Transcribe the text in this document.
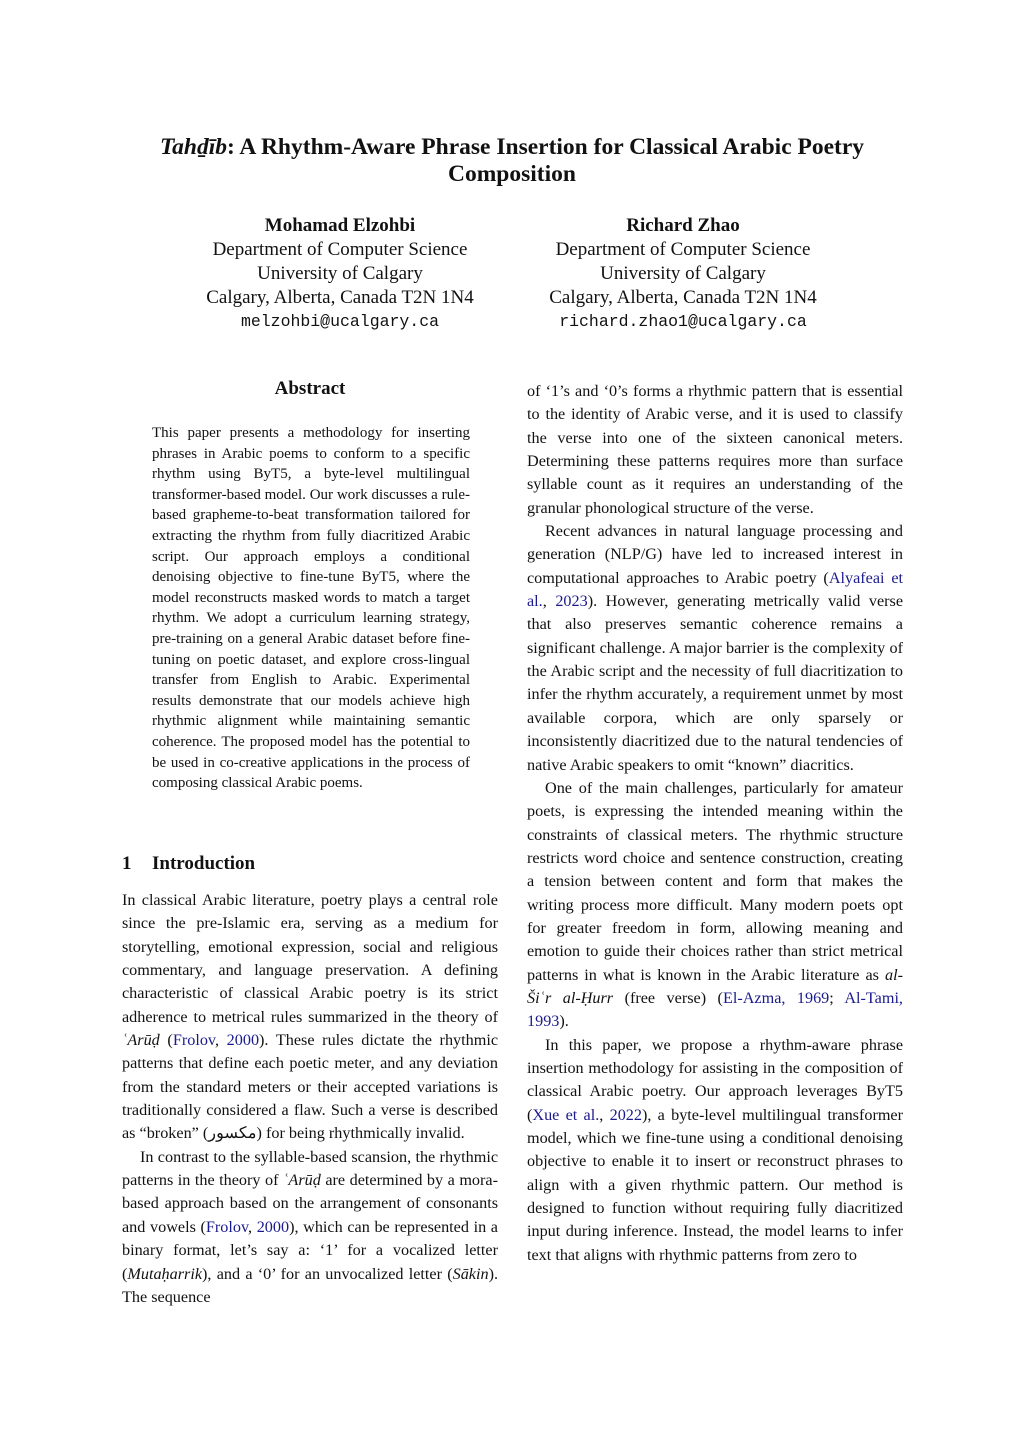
Tahḏīb: A Rhythm-Aware Phrase Insertion for Classical Arabic Poetry Composition
Mohamad Elzohbi
Department of Computer Science
University of Calgary
Calgary, Alberta, Canada T2N 1N4
melzohbi@ucalgary.ca
Richard Zhao
Department of Computer Science
University of Calgary
Calgary, Alberta, Canada T2N 1N4
richard.zhao1@ucalgary.ca
Abstract

This paper presents a methodology for inserting phrases in Arabic poems to conform to a specific rhythm using ByT5, a byte-level multilingual transformer-based model. Our work discusses a rule-based grapheme-to-beat transformation tailored for extracting the rhythm from fully diacritized Arabic script. Our approach employs a conditional denoising objective to fine-tune ByT5, where the model reconstructs masked words to match a target rhythm. We adopt a curriculum learning strategy, pre-training on a general Arabic dataset before fine-tuning on poetic dataset, and explore cross-lingual transfer from English to Arabic. Experimental results demonstrate that our models achieve high rhythmic alignment while maintaining semantic coherence. The proposed model has the potential to be used in co-creative applications in the process of composing classical Arabic poems.

1 Introduction

In classical Arabic literature, poetry plays a central role since the pre-Islamic era, serving as a medium for storytelling, emotional expression, social and religious commentary, and language preservation. A defining characteristic of classical Arabic poetry is its strict adherence to metrical rules summarized in the theory of ʿArūḍ (Frolov, 2000). These rules dictate the rhythmic patterns that define each poetic meter, and any deviation from the standard meters or their accepted variations is traditionally considered a flaw. Such a verse is described as “broken” (مكسور) for being rhythmically invalid.

In contrast to the syllable-based scansion, the rhythmic patterns in the theory of ʿArūḍ are determined by a mora-based approach based on the arrangement of consonants and vowels (Frolov, 2000), which can be represented in a binary format, let’s say a: ‘1’ for a vocalized letter (Mutaḥarrik), and a ‘0’ for an unvocalized letter (Sākin). The sequence

of ‘1’s and ‘0’s forms a rhythmic pattern that is essential to the identity of Arabic verse, and it is used to classify the verse into one of the sixteen canonical meters. Determining these patterns requires more than surface syllable count as it requires an understanding of the granular phonological structure of the verse.

Recent advances in natural language processing and generation (NLP/G) have led to increased interest in computational approaches to Arabic poetry (Alyafeai et al., 2023). However, generating metrically valid verse that also preserves semantic coherence remains a significant challenge. A major barrier is the complexity of the Arabic script and the necessity of full diacritization to infer the rhythm accurately, a requirement unmet by most available corpora, which are only sparsely or inconsistently diacritized due to the natural tendencies of native Arabic speakers to omit “known” diacritics.

One of the main challenges, particularly for amateur poets, is expressing the intended meaning within the constraints of classical meters. The rhythmic structure restricts word choice and sentence construction, creating a tension between content and form that makes the writing process more difficult. Many modern poets opt for greater freedom in form, allowing meaning and emotion to guide their choices rather than strict metrical patterns in what is known in the Arabic literature as al-Šiʿr al-Ḥurr (free verse) (El-Azma, 1969; Al-Tami, 1993).

In this paper, we propose a rhythm-aware phrase insertion methodology for assisting in the composition of classical Arabic poetry. Our approach leverages ByT5 (Xue et al., 2022), a byte-level multilingual transformer model, which we fine-tune using a conditional denoising objective to enable it to insert or reconstruct phrases to align with a given rhythmic pattern. Our method is designed to function without requiring fully diacritized input during inference. Instead, the model learns to infer text that aligns with rhythmic patterns from zero to
